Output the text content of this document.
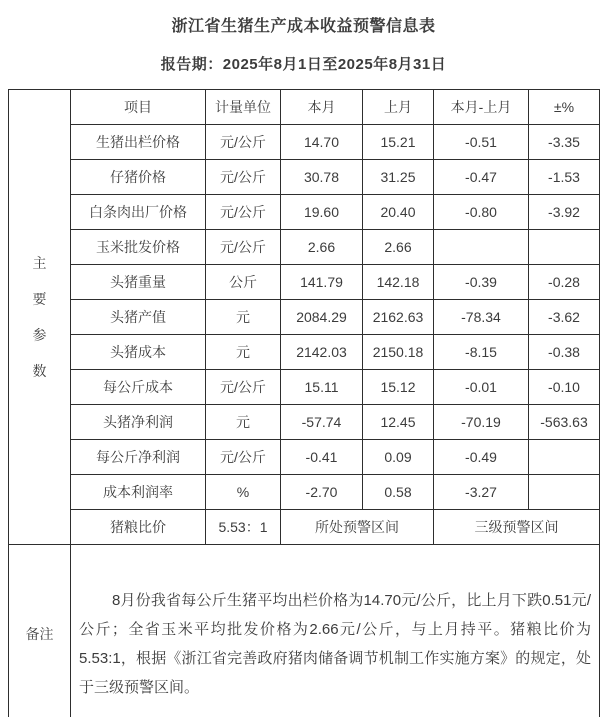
浙江省生猪生产成本收益预警信息表
报告期：2025年8月1日至2025年8月31日
主
要
参
数	项目	计量单位	本月	上月	本月-上月	±%
	生猪出栏价格	元/公斤	14.70	15.21	-0.51	-3.35
	仔猪价格	元/公斤	30.78	31.25	-0.47	-1.53
	白条肉出厂价格	元/公斤	19.60	20.40	-0.80	-3.92
	玉米批发价格	元/公斤	2.66	2.66		
	头猪重量	公斤	141.79	142.18	-0.39	-0.28
	头猪产值	元	2084.29	2162.63	-78.34	-3.62
	头猪成本	元	2142.03	2150.18	-8.15	-0.38
	每公斤成本	元/公斤	15.11	15.12	-0.01	-0.10
	头猪净利润	元	-57.74	12.45	-70.19	-563.63
	每公斤净利润	元/公斤	-0.41	0.09	-0.49	
	成本利润率	%	-2.70	0.58	-3.27	
	猪粮比价	5.53：1	所处预警区间		三级预警区间	
备注	8月份我省每公斤生猪平均出栏价格为14.70元/公斤，比上月下跌0.51元/公斤；全省玉米平均批发价格为2.66元/公斤，与上月持平。猪粮比价为5.53:1，根据《浙江省完善政府猪肉储备调节机制工作实施方案》的规定，处于三级预警区间。					
